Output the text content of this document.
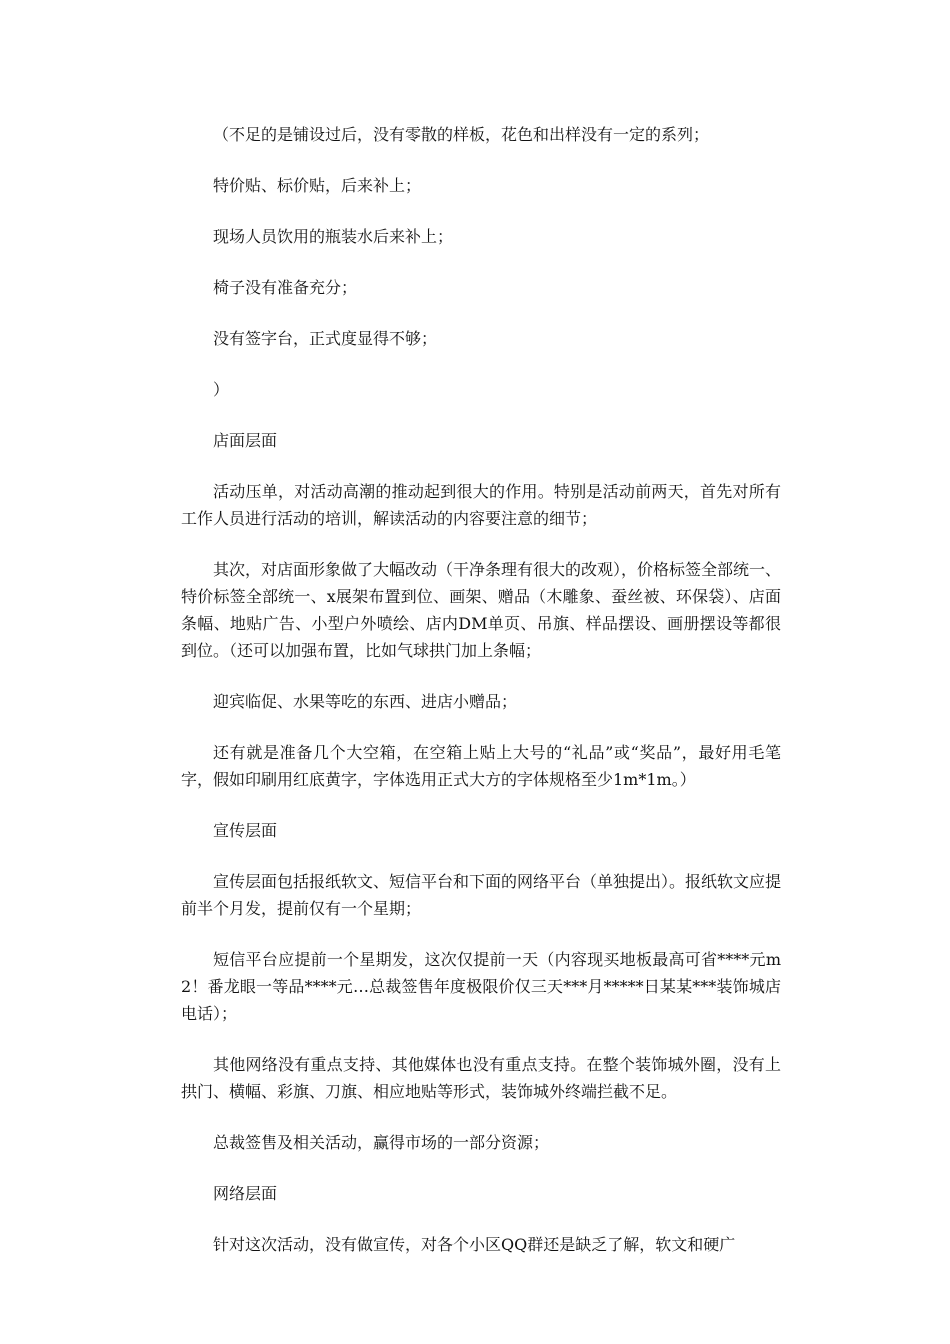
（不足的是铺设过后，没有零散的样板，花色和出样没有一定的系列；

特价贴、标价贴，后来补上；

现场人员饮用的瓶装水后来补上；

椅子没有准备充分；

没有签字台，正式度显得不够；

）

店面层面

活动压单，对活动高潮的推动起到很大的作用。特别是活动前两天，首先对所有工作人员进行活动的培训，解读活动的内容要注意的细节；

其次，对店面形象做了大幅改动（干净条理有很大的改观），价格标签全部统一、特价标签全部统一、x展架布置到位、画架、赠品（木雕象、蚕丝被、环保袋）、店面条幅、地贴广告、小型户外喷绘、店内DM单页、吊旗、样品摆设、画册摆设等都很到位。（还可以加强布置，比如气球拱门加上条幅；

迎宾临促、水果等吃的东西、进店小赠品；

还有就是准备几个大空箱，在空箱上贴上大号的“礼品”或“奖品”，最好用毛笔字，假如印刷用红底黄字，字体选用正式大方的字体规格至少1m*1m。）

宣传层面

宣传层面包括报纸软文、短信平台和下面的网络平台（单独提出）。报纸软文应提前半个月发，提前仅有一个星期；

短信平台应提前一个星期发，这次仅提前一天（内容现买地板最高可省****元m2！番龙眼一等品****元…总裁签售年度极限价仅三天***月*****日某某***装饰城店电话）；

其他网络没有重点支持、其他媒体也没有重点支持。在整个装饰城外圈，没有上拱门、横幅、彩旗、刀旗、相应地贴等形式，装饰城外终端拦截不足。

总裁签售及相关活动，赢得市场的一部分资源；

网络层面

针对这次活动，没有做宣传，对各个小区QQ群还是缺乏了解，软文和硬广
